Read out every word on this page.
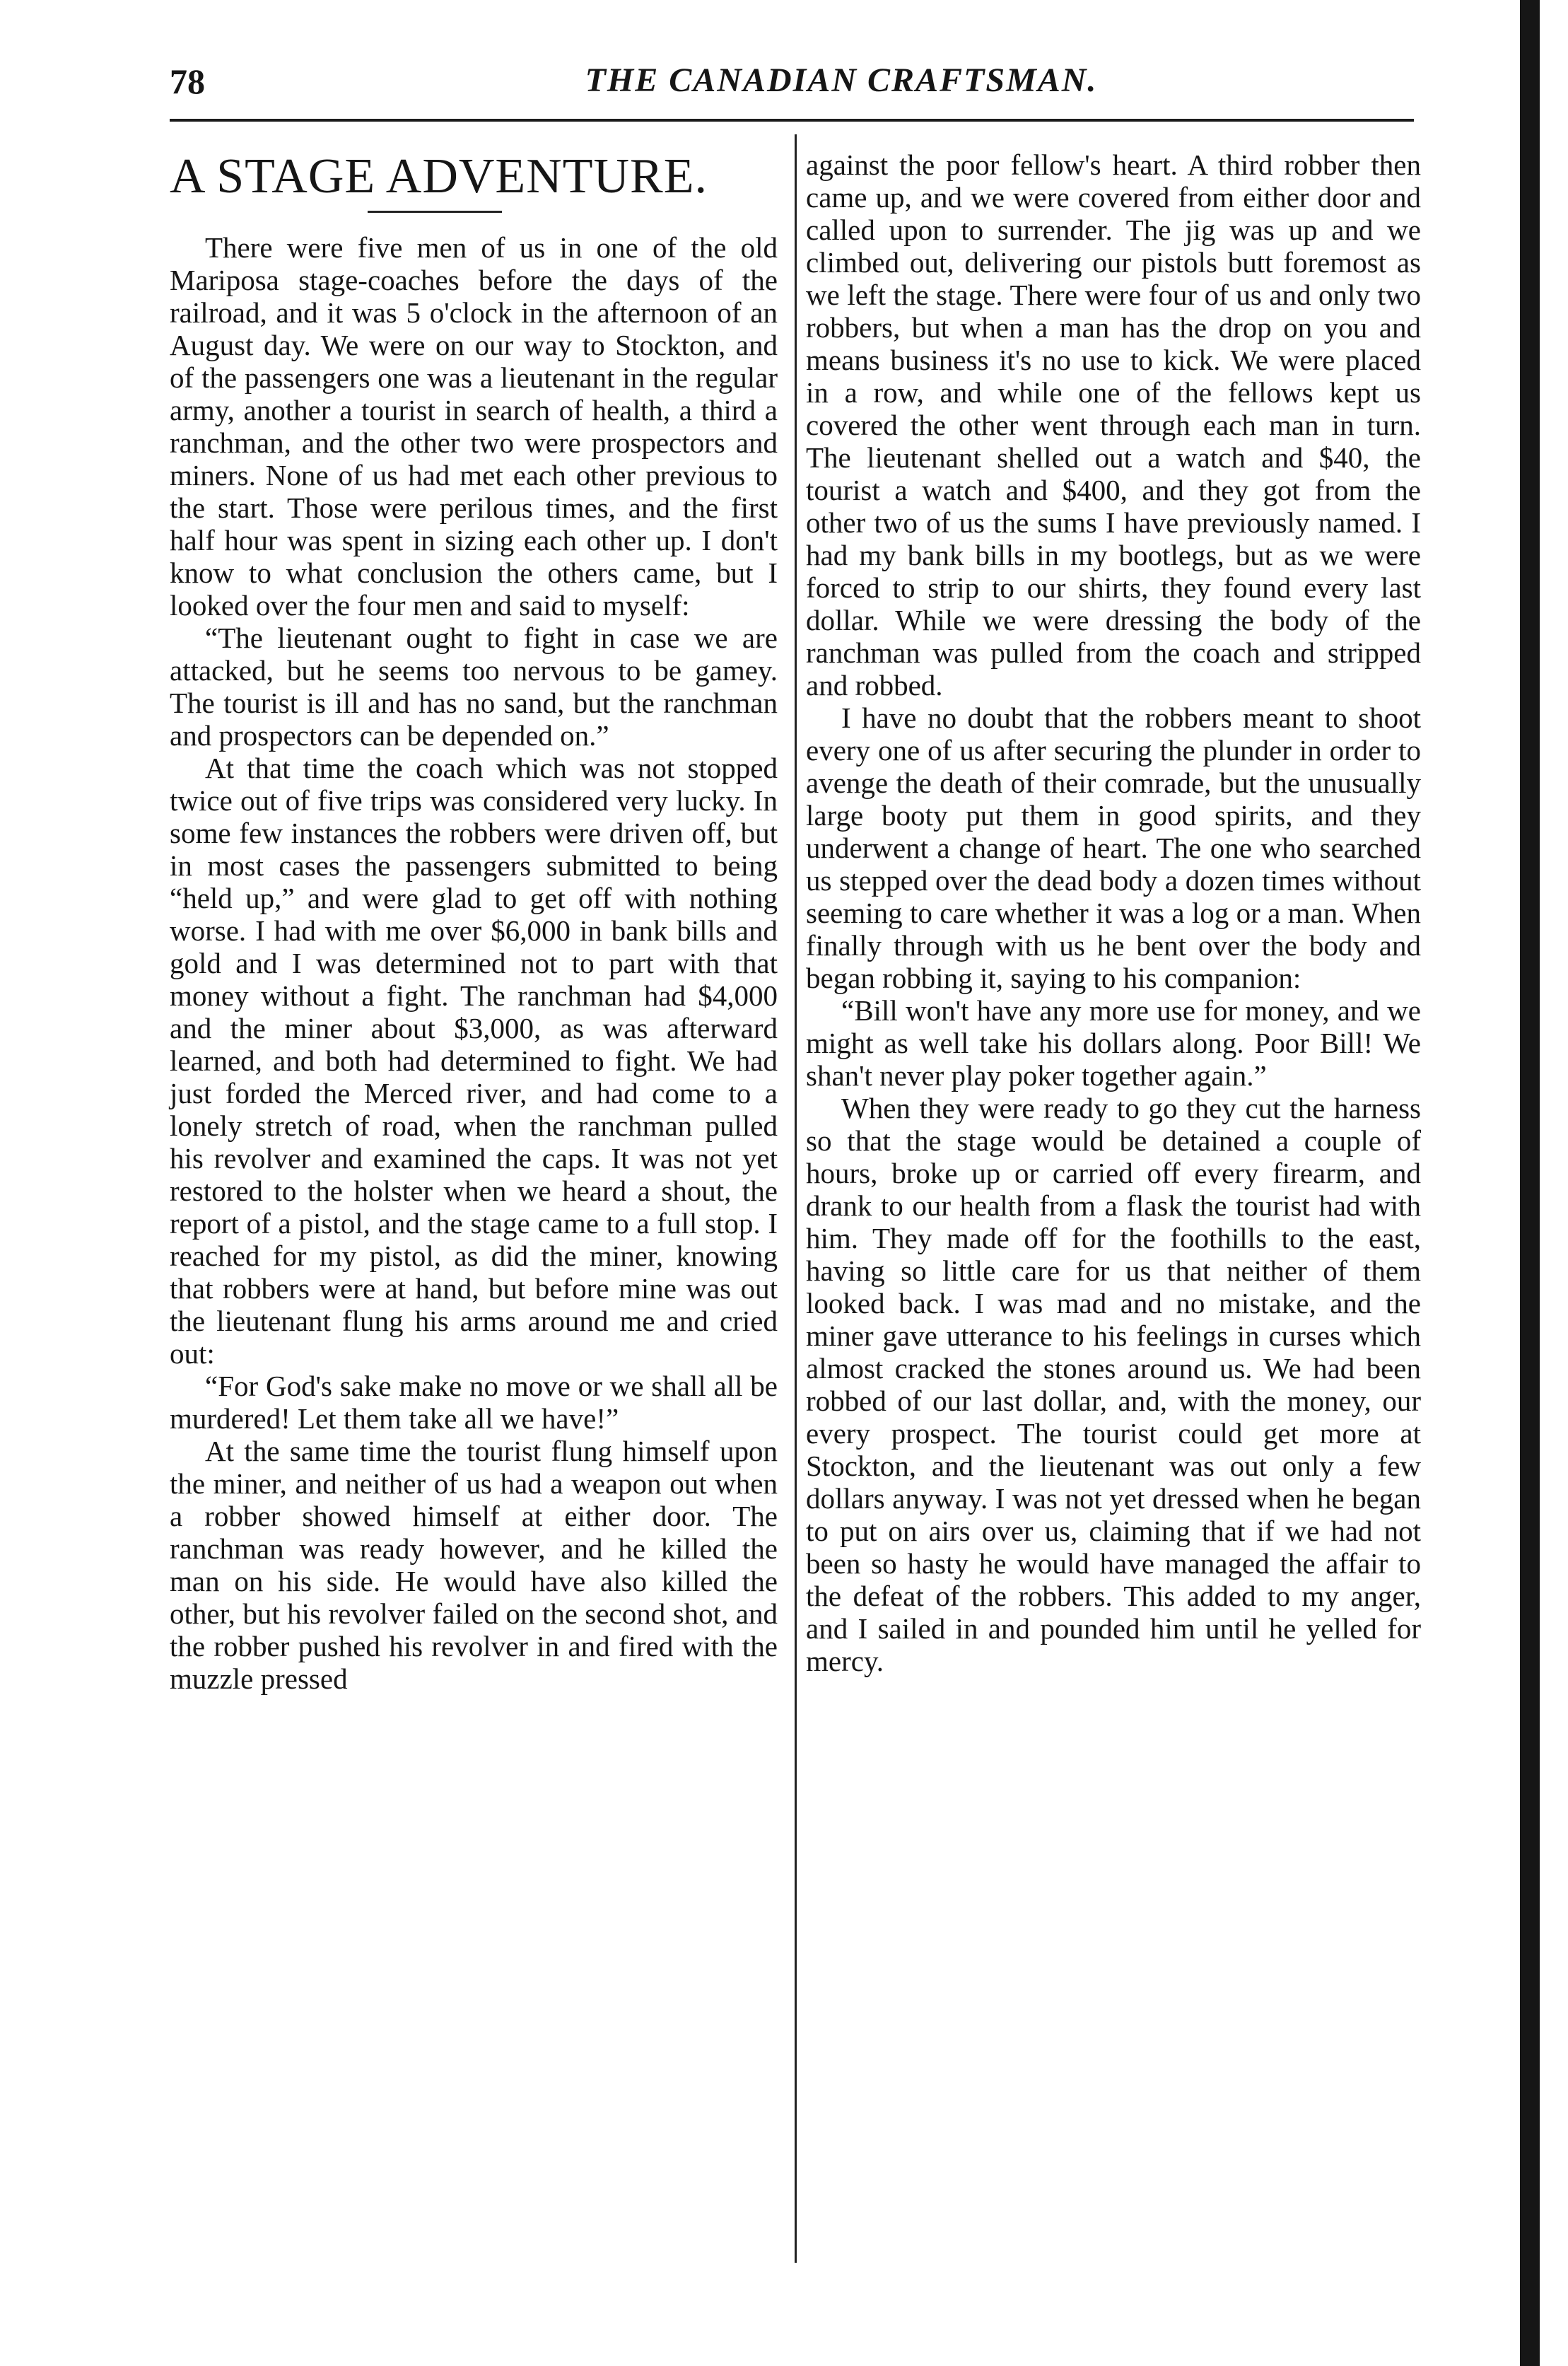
78	THE CANADIAN CRAFTSMAN.
A STAGE ADVENTURE.

There were five men of us in one of the old Mariposa stage-coaches before the days of the railroad, and it was 5 o'clock in the afternoon of an August day. We were on our way to Stockton, and of the passengers one was a lieutenant in the regular army, another a tourist in search of health, a third a ranchman, and the other two were prospectors and miners. None of us had met each other previous to the start. Those were perilous times, and the first half hour was spent in sizing each other up. I don't know to what conclusion the others came, but I looked over the four men and said to myself:

“The lieutenant ought to fight in case we are attacked, but he seems too nervous to be gamey. The tourist is ill and has no sand, but the ranchman and prospectors can be depended on.”

At that time the coach which was not stopped twice out of five trips was considered very lucky. In some few instances the robbers were driven off, but in most cases the passengers submitted to being “held up,” and were glad to get off with nothing worse. I had with me over $6,000 in bank bills and gold and I was determined not to part with that money without a fight. The ranchman had $4,000 and the miner about $3,000, as was afterward learned, and both had determined to fight. We had just forded the Merced river, and had come to a lonely stretch of road, when the ranchman pulled his revolver and examined the caps. It was not yet restored to the holster when we heard a shout, the report of a pistol, and the stage came to a full stop. I reached for my pistol, as did the miner, knowing that robbers were at hand, but before mine was out the lieutenant flung his arms around me and cried out:

“For God's sake make no move or we shall all be murdered! Let them take all we have!”

At the same time the tourist flung himself upon the miner, and neither of us had a weapon out when a robber showed himself at either door. The ranchman was ready however, and he killed the man on his side. He would have also killed the other, but his revolver failed on the second shot, and the robber pushed his revolver in and fired with the muzzle pressed

against the poor fellow's heart. A third robber then came up, and we were covered from either door and called upon to surrender. The jig was up and we climbed out, delivering our pistols butt foremost as we left the stage. There were four of us and only two robbers, but when a man has the drop on you and means business it's no use to kick. We were placed in a row, and while one of the fellows kept us covered the other went through each man in turn. The lieutenant shelled out a watch and $40, the tourist a watch and $400, and they got from the other two of us the sums I have previously named. I had my bank bills in my bootlegs, but as we were forced to strip to our shirts, they found every last dollar. While we were dressing the body of the ranchman was pulled from the coach and stripped and robbed.

I have no doubt that the robbers meant to shoot every one of us after securing the plunder in order to avenge the death of their comrade, but the unusually large booty put them in good spirits, and they underwent a change of heart. The one who searched us stepped over the dead body a dozen times without seeming to care whether it was a log or a man. When finally through with us he bent over the body and began robbing it, saying to his companion:

“Bill won't have any more use for money, and we might as well take his dollars along. Poor Bill! We shan't never play poker together again.”

When they were ready to go they cut the harness so that the stage would be detained a couple of hours, broke up or carried off every firearm, and drank to our health from a flask the tourist had with him. They made off for the foothills to the east, having so little care for us that neither of them looked back. I was mad and no mistake, and the miner gave utterance to his feelings in curses which almost cracked the stones around us. We had been robbed of our last dollar, and, with the money, our every prospect. The tourist could get more at Stockton, and the lieutenant was out only a few dollars anyway. I was not yet dressed when he began to put on airs over us, claiming that if we had not been so hasty he would have managed the affair to the defeat of the robbers. This added to my anger, and I sailed in and pounded him until he yelled for mercy.
